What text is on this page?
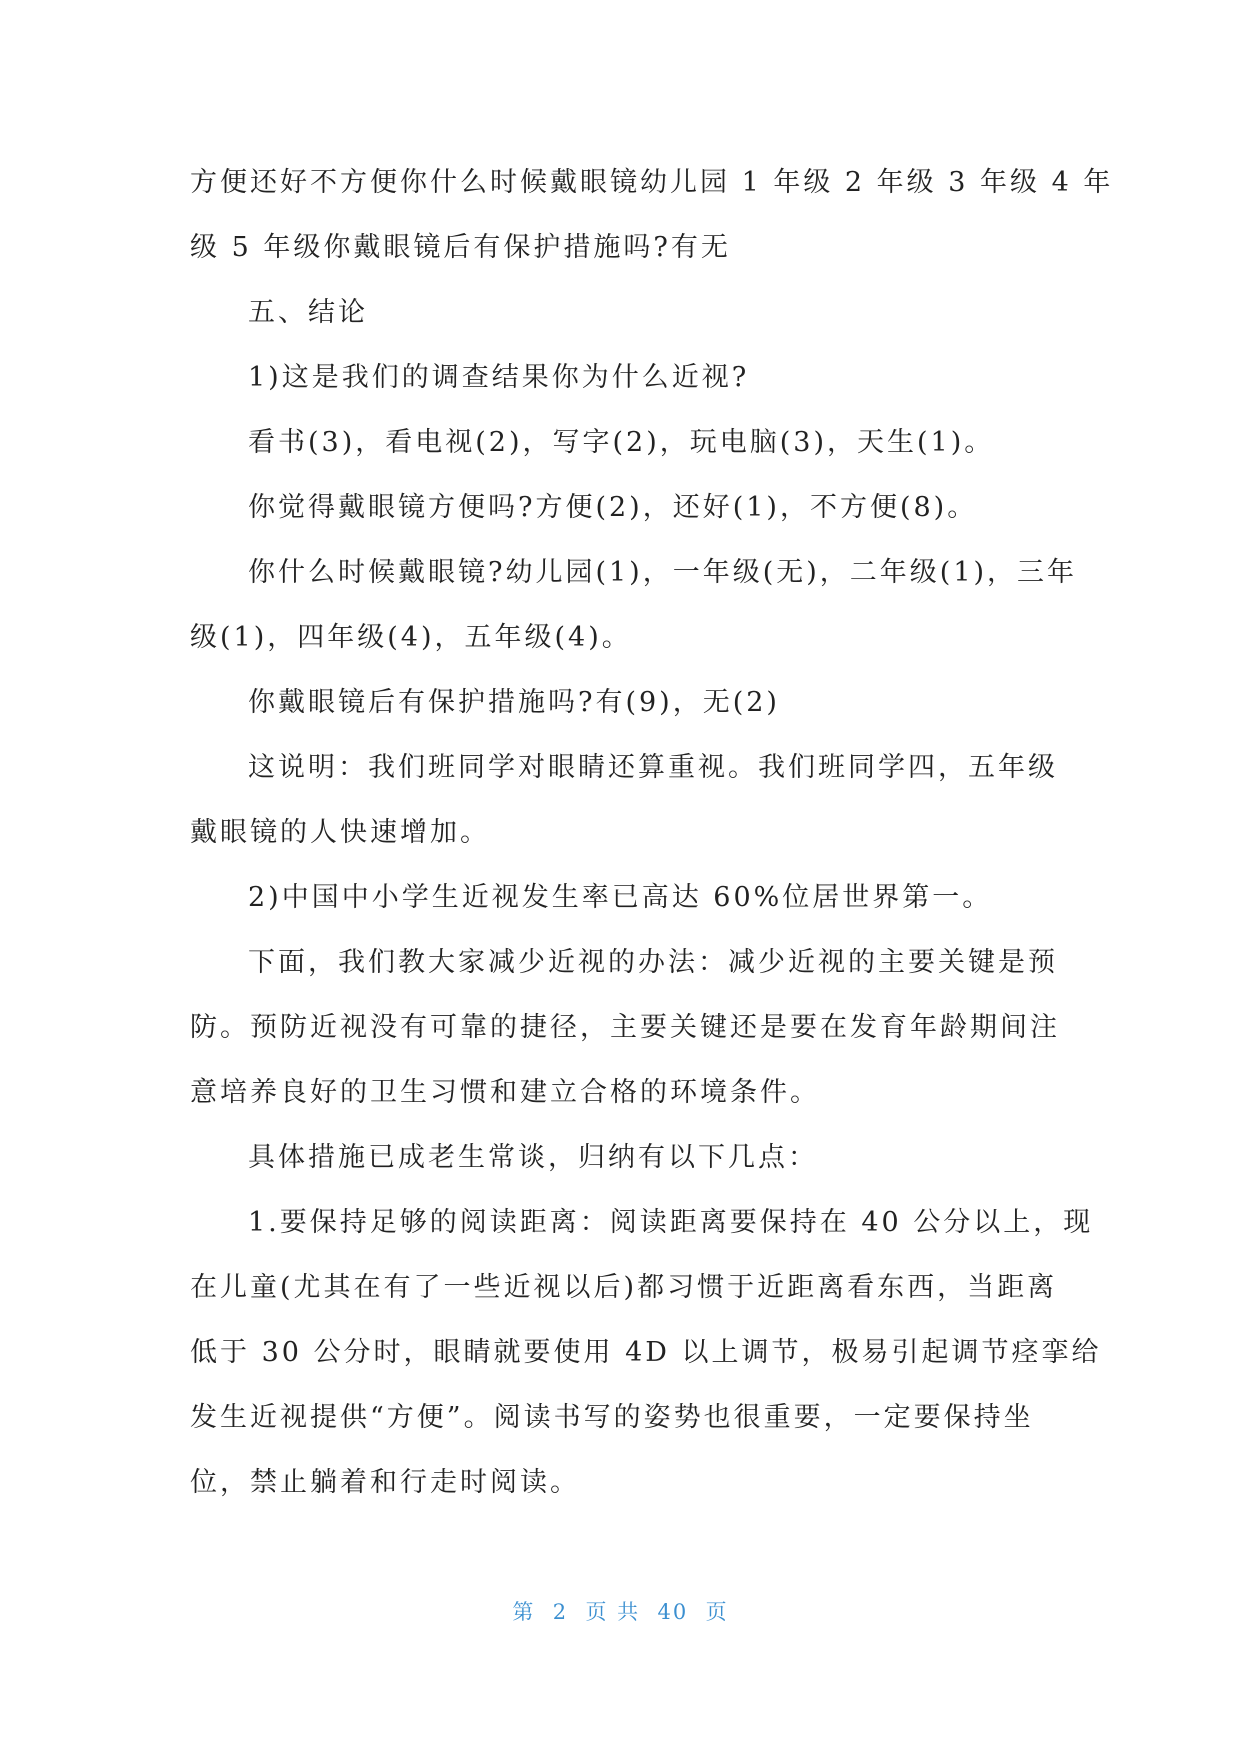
方便还好不方便你什么时候戴眼镜幼儿园 1 年级 2 年级 3 年级 4 年
级 5 年级你戴眼镜后有保护措施吗?有无
五、结论
1)这是我们的调查结果你为什么近视?
看书(3)，看电视(2)，写字(2)，玩电脑(3)，天生(1)。
你觉得戴眼镜方便吗?方便(2)，还好(1)，不方便(8)。
你什么时候戴眼镜?幼儿园(1)，一年级(无)，二年级(1)，三年
级(1)，四年级(4)，五年级(4)。
你戴眼镜后有保护措施吗?有(9)，无(2)
这说明：我们班同学对眼睛还算重视。我们班同学四，五年级
戴眼镜的人快速增加。
2)中国中小学生近视发生率已高达 60%位居世界第一。
下面，我们教大家减少近视的办法：减少近视的主要关键是预
防。预防近视没有可靠的捷径，主要关键还是要在发育年龄期间注
意培养良好的卫生习惯和建立合格的环境条件。
具体措施已成老生常谈，归纳有以下几点：
1.要保持足够的阅读距离：阅读距离要保持在 40 公分以上，现
在儿童(尤其在有了一些近视以后)都习惯于近距离看东西，当距离
低于 30 公分时，眼睛就要使用 4D 以上调节，极易引起调节痉挛给
发生近视提供“方便”。阅读书写的姿势也很重要，一定要保持坐
位，禁止躺着和行走时阅读。
第  2  页 共  40  页
